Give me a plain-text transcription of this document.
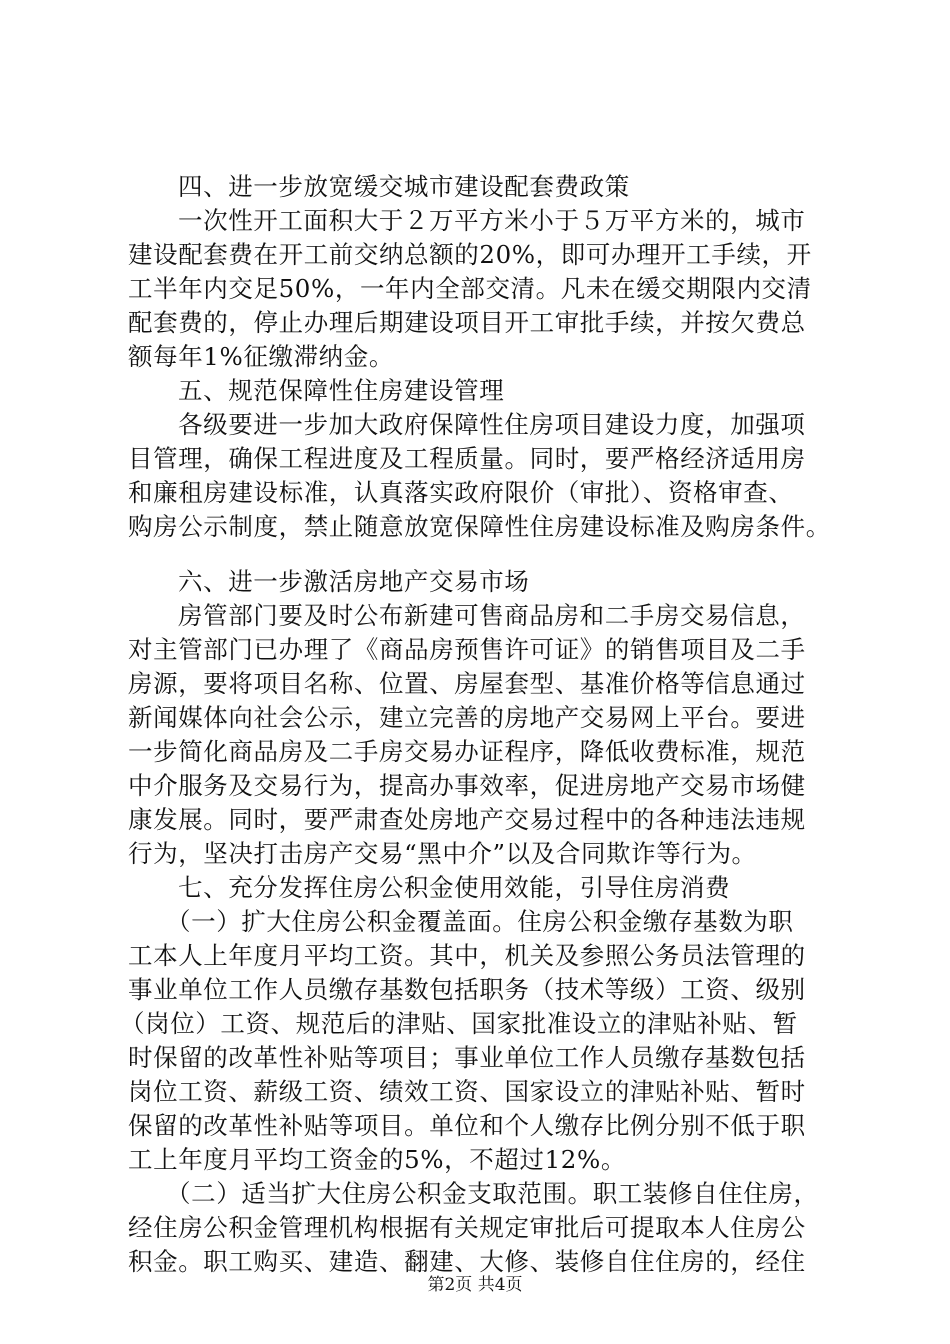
四、进一步放宽缓交城市建设配套费政策
一次性开工面积大于２万平方米小于５万平方米的，城市
建设配套费在开工前交纳总额的20%，即可办理开工手续，开
工半年内交足50%，一年内全部交清。凡未在缓交期限内交清
配套费的，停止办理后期建设项目开工审批手续，并按欠费总
额每年1%征缴滞纳金。
五、规范保障性住房建设管理
各级要进一步加大政府保障性住房项目建设力度，加强项
目管理，确保工程进度及工程质量。同时，要严格经济适用房
和廉租房建设标准，认真落实政府限价（审批）、资格审查、
购房公示制度，禁止随意放宽保障性住房建设标准及购房条件。
六、进一步激活房地产交易市场
房管部门要及时公布新建可售商品房和二手房交易信息，
对主管部门已办理了《商品房预售许可证》的销售项目及二手
房源，要将项目名称、位置、房屋套型、基准价格等信息通过
新闻媒体向社会公示，建立完善的房地产交易网上平台。要进
一步简化商品房及二手房交易办证程序，降低收费标准，规范
中介服务及交易行为，提高办事效率，促进房地产交易市场健
康发展。同时，要严肃查处房地产交易过程中的各种违法违规
行为，坚决打击房产交易“黑中介”以及合同欺诈等行为。
七、充分发挥住房公积金使用效能，引导住房消费
（一）扩大住房公积金覆盖面。住房公积金缴存基数为职
工本人上年度月平均工资。其中，机关及参照公务员法管理的
事业单位工作人员缴存基数包括职务（技术等级）工资、级别
（岗位）工资、规范后的津贴、国家批准设立的津贴补贴、暂
时保留的改革性补贴等项目；事业单位工作人员缴存基数包括
岗位工资、薪级工资、绩效工资、国家设立的津贴补贴、暂时
保留的改革性补贴等项目。单位和个人缴存比例分别不低于职
工上年度月平均工资金的5%，不超过12%。
（二）适当扩大住房公积金支取范围。职工装修自住住房，
经住房公积金管理机构根据有关规定审批后可提取本人住房公
积金。职工购买、建造、翻建、大修、装修自住住房的，经住
第2页 共4页
